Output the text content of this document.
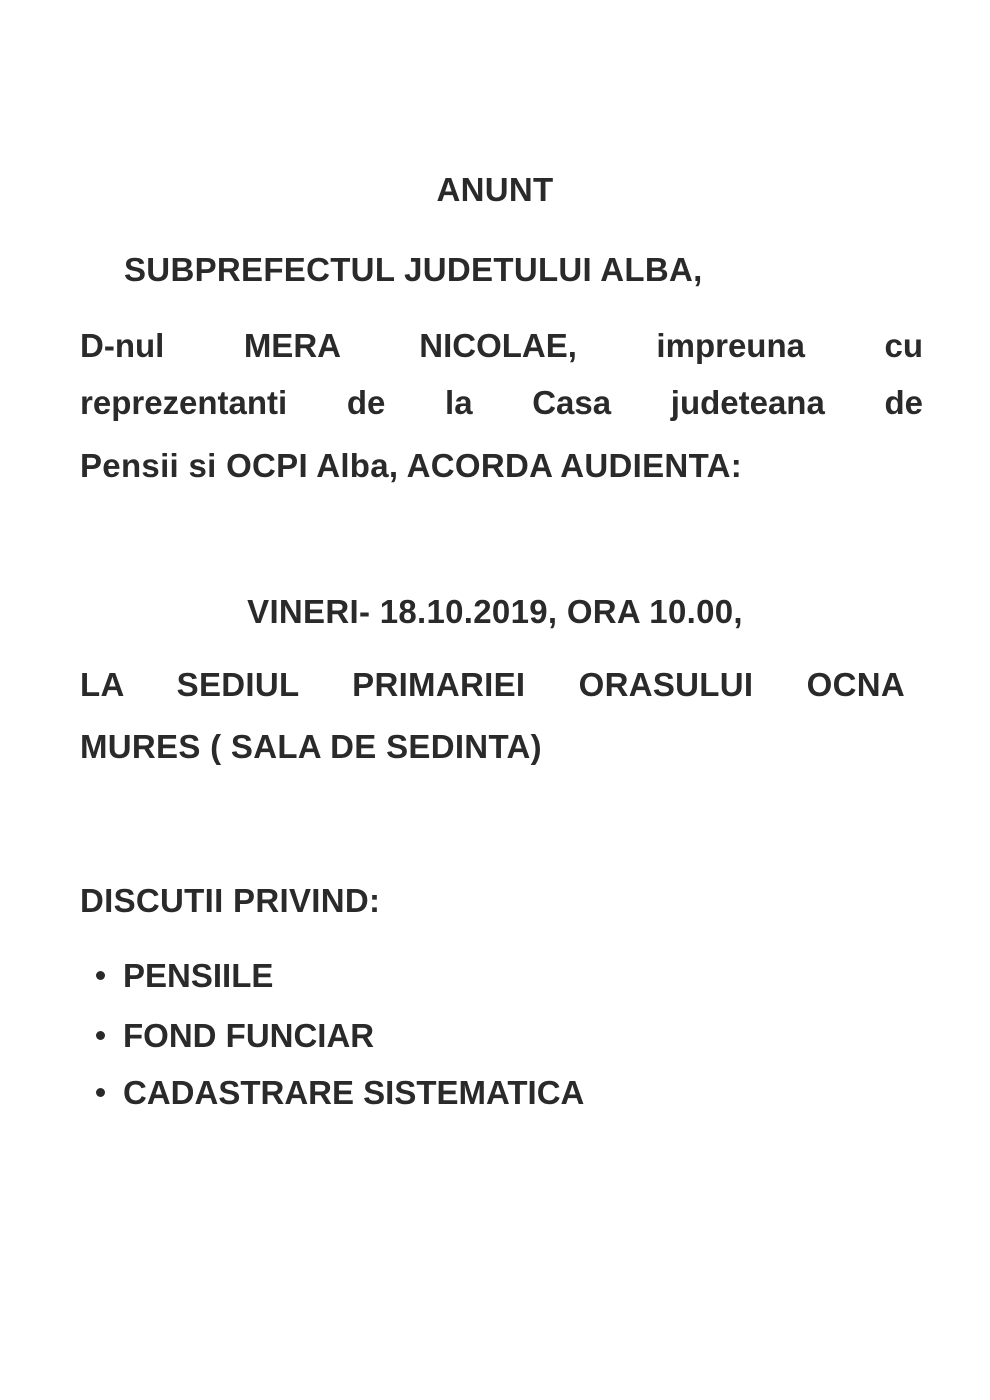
ANUNT
SUBPREFECTUL JUDETULUI ALBA,
D-nul MERA NICOLAE, impreuna cu
reprezentanti de la Casa judeteana de
Pensii si OCPI Alba, ACORDA AUDIENTA:
VINERI- 18.10.2019, ORA 10.00,
LA SEDIUL PRIMARIEI ORASULUI OCNA
MURES ( SALA DE SEDINTA)
DISCUTII PRIVIND:
PENSIILE
FOND FUNCIAR
CADASTRARE SISTEMATICA
